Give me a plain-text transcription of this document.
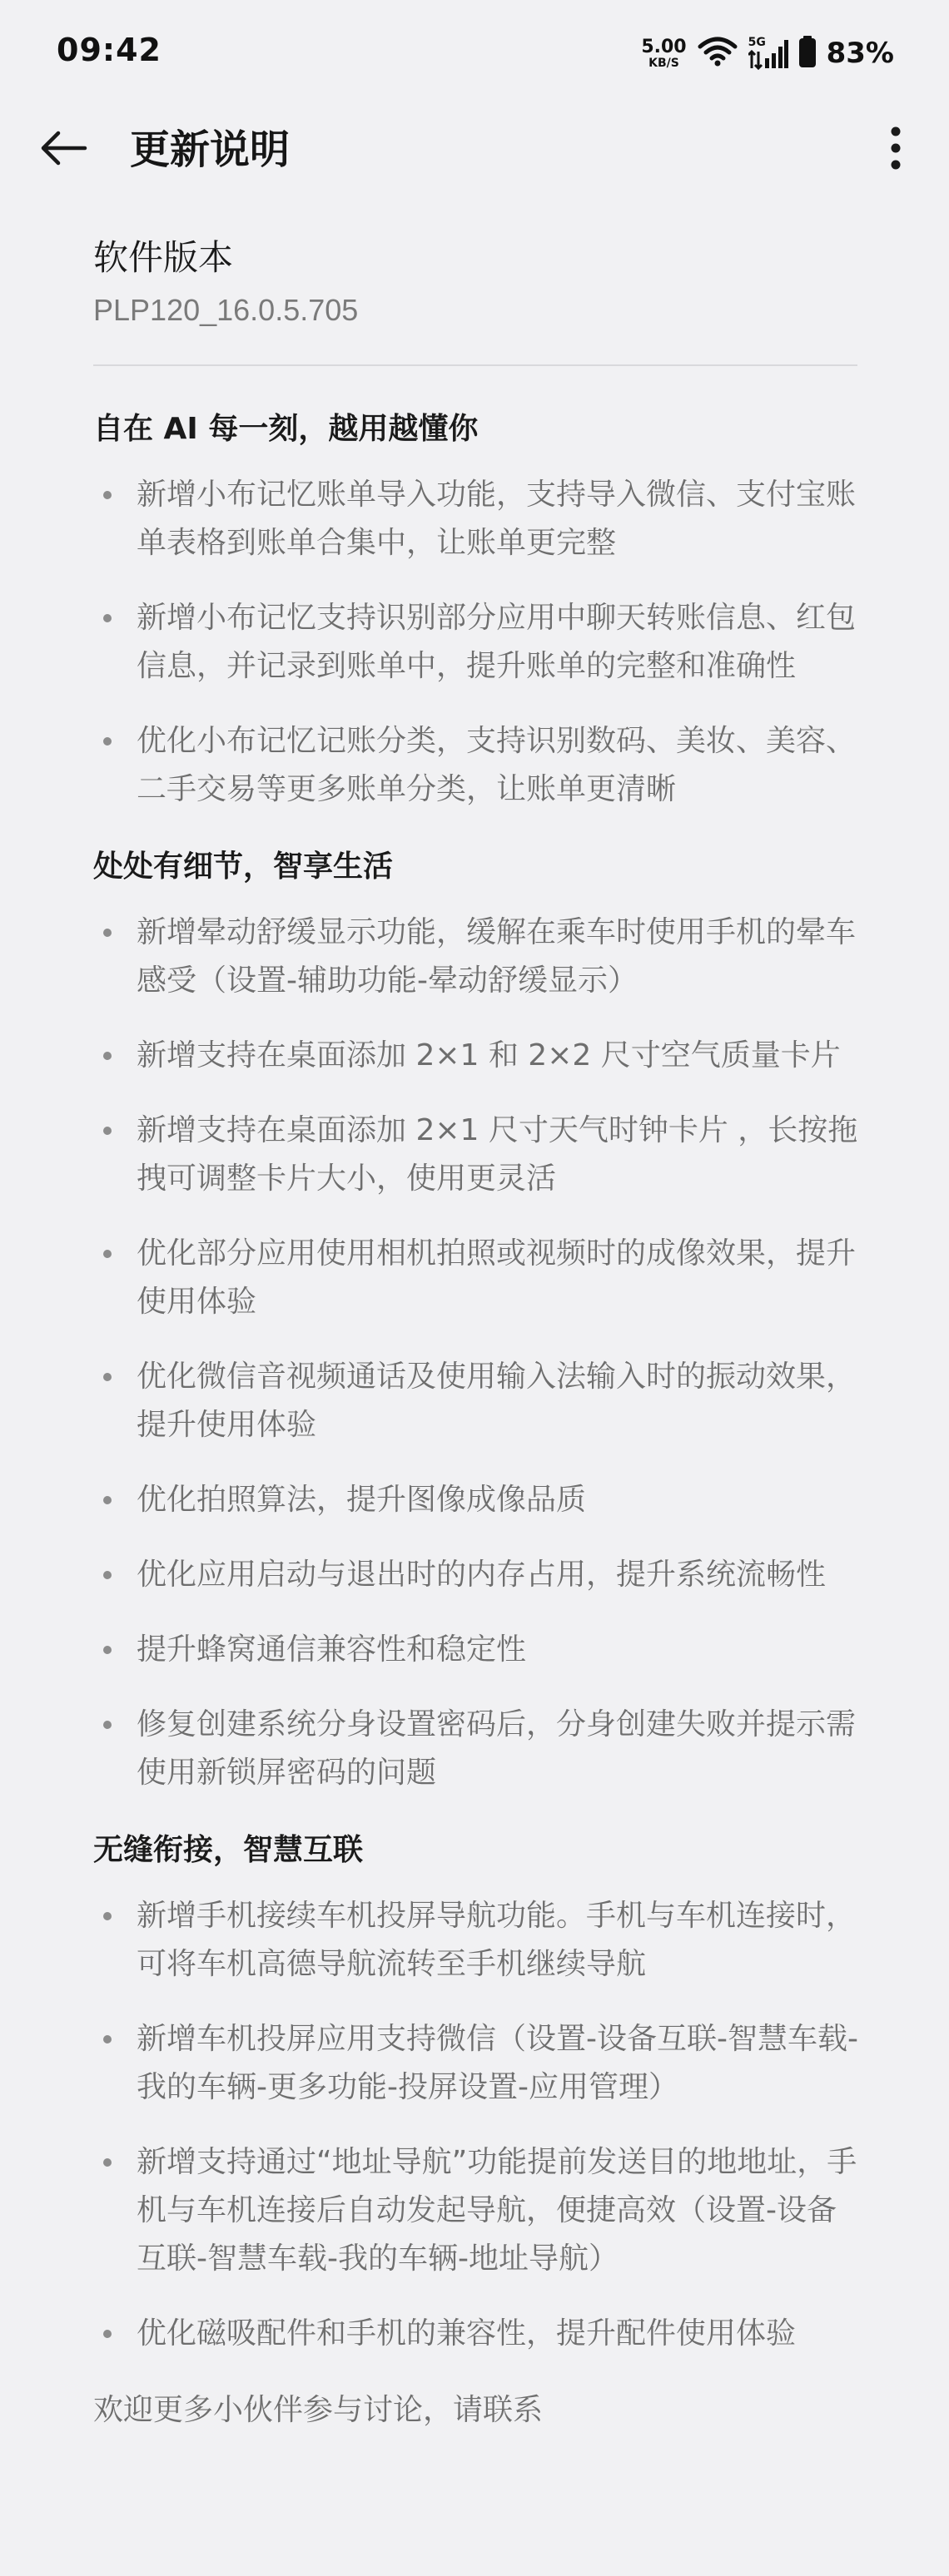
09:42	5.00
KB/S
5G 83%
更新说明
软件版本
PLP120_16.0.5.705
自在 AI 每一刻，越用越懂你
新增小布记忆账单导入功能，支持导入微信、支付宝账单表格到账单合集中，让账单更完整
新增小布记忆支持识别部分应用中聊天转账信息、红包信息，并记录到账单中，提升账单的完整和准确性
优化小布记忆记账分类，支持识别数码、美妆、美容、二手交易等更多账单分类，让账单更清晰
处处有细节，智享生活
新增晕动舒缓显示功能，缓解在乘车时使用手机的晕车感受（设置-辅助功能-晕动舒缓显示）
新增支持在桌面添加 2×1 和 2×2 尺寸空气质量卡片
新增支持在桌面添加 2×1 尺寸天气时钟卡片 ，长按拖拽可调整卡片大小，使用更灵活
优化部分应用使用相机拍照或视频时的成像效果，提升使用体验
优化微信音视频通话及使用输入法输入时的振动效果，提升使用体验
优化拍照算法，提升图像成像品质
优化应用启动与退出时的内存占用，提升系统流畅性
提升蜂窝通信兼容性和稳定性
修复创建系统分身设置密码后，分身创建失败并提示需使用新锁屏密码的问题
无缝衔接，智慧互联
新增手机接续车机投屏导航功能。手机与车机连接时，可将车机高德导航流转至手机继续导航
新增车机投屏应用支持微信（设置-设备互联-智慧车载-我的车辆-更多功能-投屏设置-应用管理）
新增支持通过“地址导航”功能提前发送目的地地址，手机与车机连接后自动发起导航，便捷高效（设置-设备互联-智慧车载-我的车辆-地址导航）
优化磁吸配件和手机的兼容性，提升配件使用体验
欢迎更多小伙伴参与讨论，请联系
